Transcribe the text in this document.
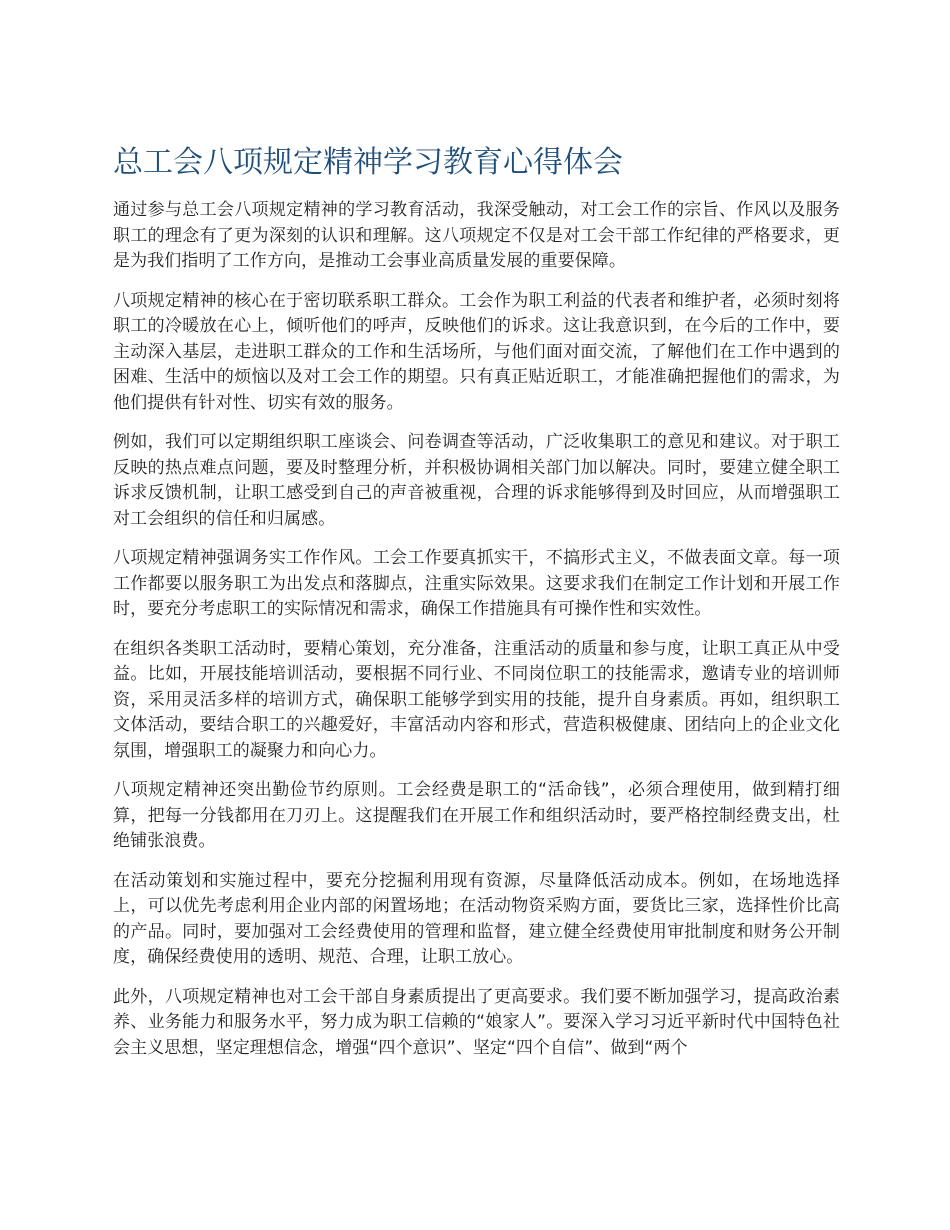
总工会八项规定精神学习教育心得体会

通过参与总工会八项规定精神的学习教育活动，我深受触动，对工会工作的宗旨、作风以及服务职工的理念有了更为深刻的认识和理解。这八项规定不仅是对工会干部工作纪律的严格要求，更是为我们指明了工作方向，是推动工会事业高质量发展的重要保障。

八项规定精神的核心在于密切联系职工群众。工会作为职工利益的代表者和维护者，必须时刻将职工的冷暖放在心上，倾听他们的呼声，反映他们的诉求。这让我意识到，在今后的工作中，要主动深入基层，走进职工群众的工作和生活场所，与他们面对面交流，了解他们在工作中遇到的困难、生活中的烦恼以及对工会工作的期望。只有真正贴近职工，才能准确把握他们的需求，为他们提供有针对性、切实有效的服务。

例如，我们可以定期组织职工座谈会、问卷调查等活动，广泛收集职工的意见和建议。对于职工反映的热点难点问题，要及时整理分析，并积极协调相关部门加以解决。同时，要建立健全职工诉求反馈机制，让职工感受到自己的声音被重视，合理的诉求能够得到及时回应，从而增强职工对工会组织的信任和归属感。

八项规定精神强调务实工作作风。工会工作要真抓实干，不搞形式主义，不做表面文章。每一项工作都要以服务职工为出发点和落脚点，注重实际效果。这要求我们在制定工作计划和开展工作时，要充分考虑职工的实际情况和需求，确保工作措施具有可操作性和实效性。

在组织各类职工活动时，要精心策划，充分准备，注重活动的质量和参与度，让职工真正从中受益。比如，开展技能培训活动，要根据不同行业、不同岗位职工的技能需求，邀请专业的培训师资，采用灵活多样的培训方式，确保职工能够学到实用的技能，提升自身素质。再如，组织职工文体活动，要结合职工的兴趣爱好，丰富活动内容和形式，营造积极健康、团结向上的企业文化氛围，增强职工的凝聚力和向心力。

八项规定精神还突出勤俭节约原则。工会经费是职工的“活命钱”，必须合理使用，做到精打细算，把每一分钱都用在刀刃上。这提醒我们在开展工作和组织活动时，要严格控制经费支出，杜绝铺张浪费。

在活动策划和实施过程中，要充分挖掘利用现有资源，尽量降低活动成本。例如，在场地选择上，可以优先考虑利用企业内部的闲置场地；在活动物资采购方面，要货比三家，选择性价比高的产品。同时，要加强对工会经费使用的管理和监督，建立健全经费使用审批制度和财务公开制度，确保经费使用的透明、规范、合理，让职工放心。

此外，八项规定精神也对工会干部自身素质提出了更高要求。我们要不断加强学习，提高政治素养、业务能力和服务水平，努力成为职工信赖的“娘家人”。要深入学习习近平新时代中国特色社会主义思想，坚定理想信念，增强“四个意识”、坚定“四个自信”、做到“两个
